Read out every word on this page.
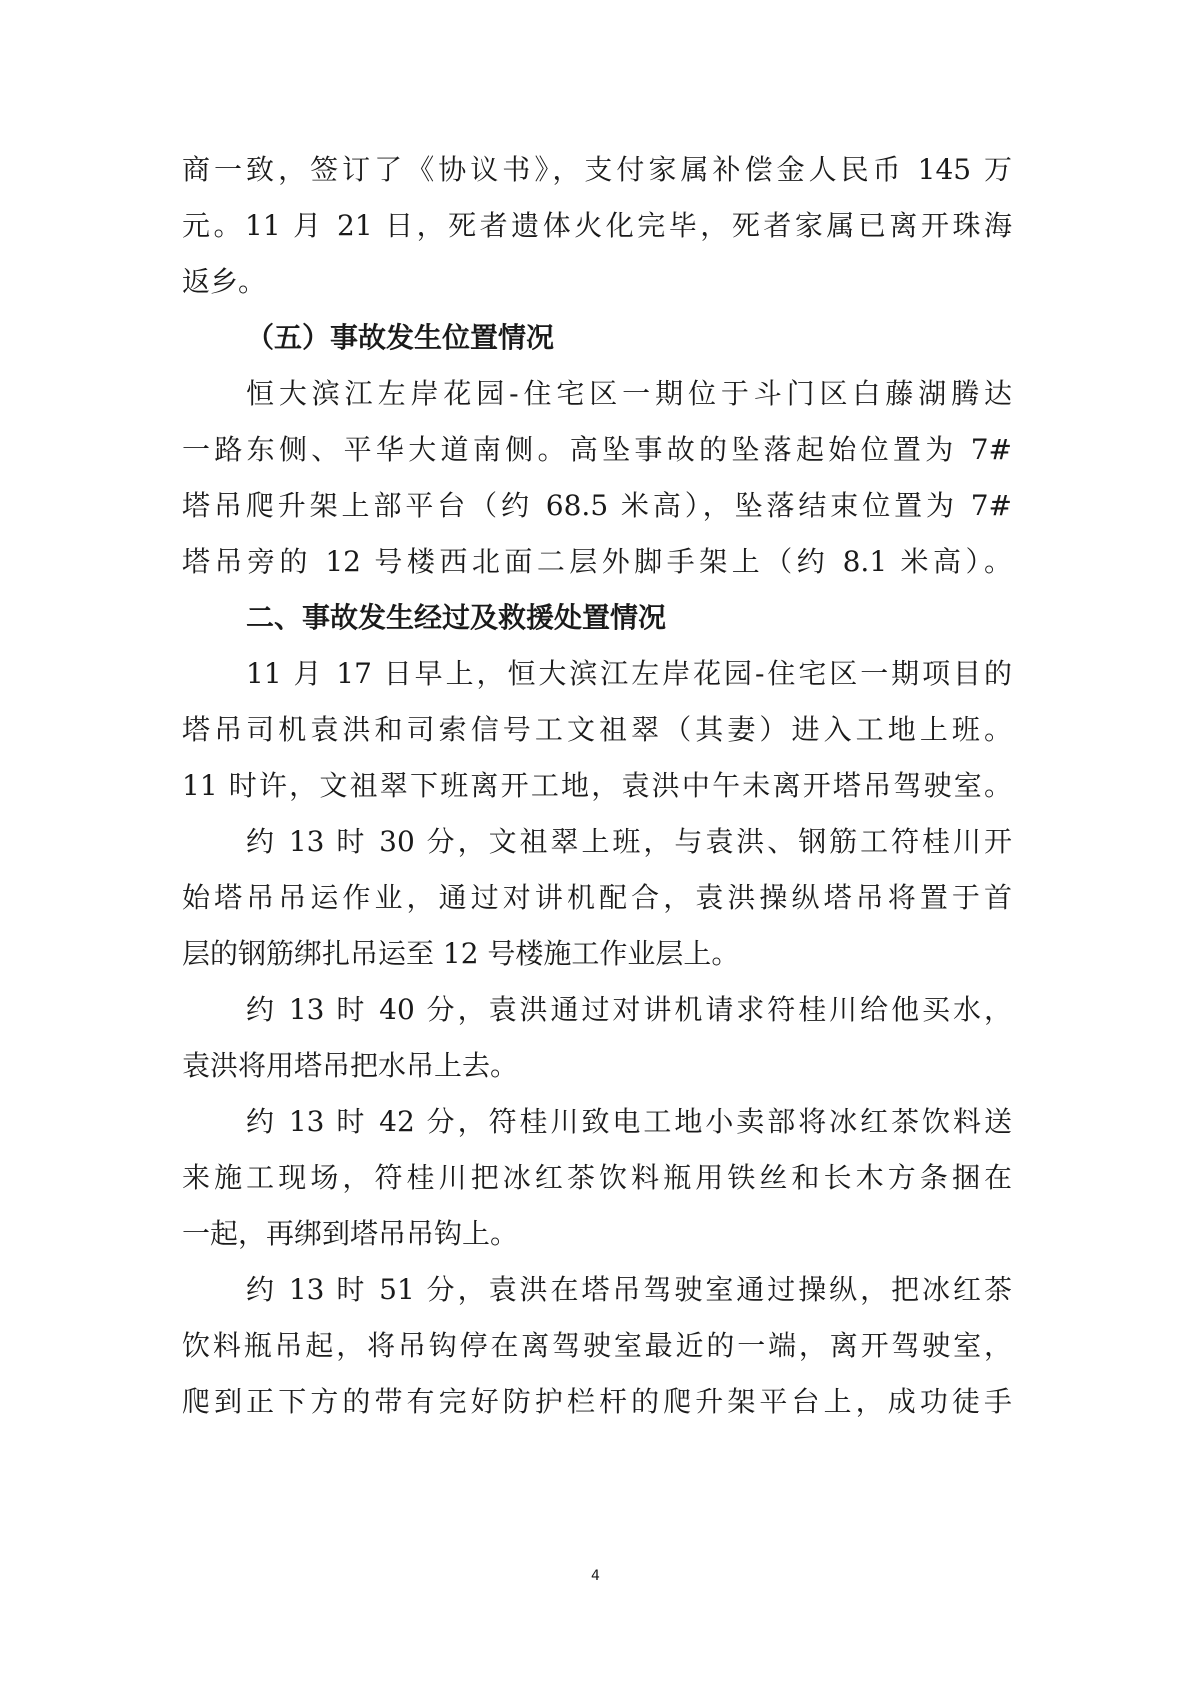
商一致，签订了《协议书》，支付家属补偿金人民币 145 万
元。11 月 21 日，死者遗体火化完毕，死者家属已离开珠海
返乡。
（五）事故发生位置情况
恒大滨江左岸花园-住宅区一期位于斗门区白藤湖腾达
一路东侧、平华大道南侧。高坠事故的坠落起始位置为 7#
塔吊爬升架上部平台（约 68.5 米高），坠落结束位置为 7#
塔吊旁的 12 号楼西北面二层外脚手架上（约 8.1 米高）。
二、事故发生经过及救援处置情况
11 月 17 日早上，恒大滨江左岸花园-住宅区一期项目的
塔吊司机袁洪和司索信号工文祖翠（其妻）进入工地上班。
11 时许，文祖翠下班离开工地，袁洪中午未离开塔吊驾驶室。
约 13 时 30 分，文祖翠上班，与袁洪、钢筋工符桂川开
始塔吊吊运作业，通过对讲机配合，袁洪操纵塔吊将置于首
层的钢筋绑扎吊运至 12 号楼施工作业层上。
约 13 时 40 分，袁洪通过对讲机请求符桂川给他买水，
袁洪将用塔吊把水吊上去。
约 13 时 42 分，符桂川致电工地小卖部将冰红茶饮料送
来施工现场，符桂川把冰红茶饮料瓶用铁丝和长木方条捆在
一起，再绑到塔吊吊钩上。
约 13 时 51 分，袁洪在塔吊驾驶室通过操纵，把冰红茶
饮料瓶吊起，将吊钩停在离驾驶室最近的一端，离开驾驶室，
爬到正下方的带有完好防护栏杆的爬升架平台上，成功徒手
4
